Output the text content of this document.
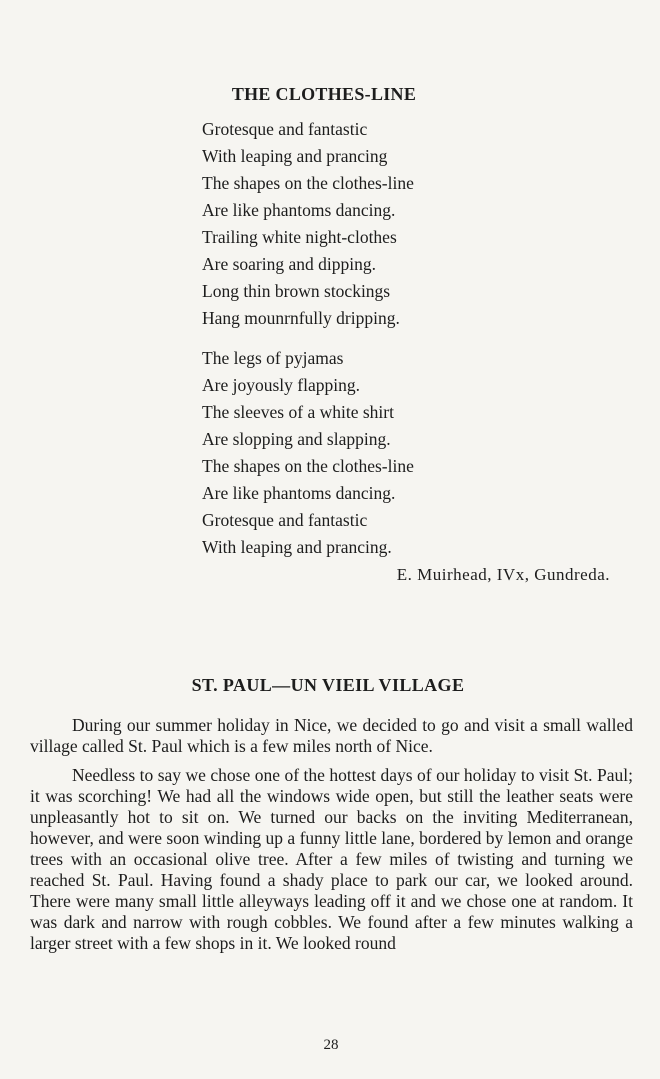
THE CLOTHES-LINE
Grotesque and fantastic
With leaping and prancing
The shapes on the clothes-line
Are like phantoms dancing.
Trailing white night-clothes
Are soaring and dipping.
Long thin brown stockings
Hang mounrnfully dripping.
The legs of pyjamas
Are joyously flapping.
The sleeves of a white shirt
Are slopping and slapping.
The shapes on the clothes-line
Are like phantoms dancing.
Grotesque and fantastic
With leaping and prancing.
E. Muirhead, IVx, Gundreda.
ST. PAUL—UN VIEIL VILLAGE

During our summer holiday in Nice, we decided to go and visit a small walled village called St. Paul which is a few miles north of Nice.

Needless to say we chose one of the hottest days of our holiday to visit St. Paul; it was scorching! We had all the windows wide open, but still the leather seats were unpleasantly hot to sit on. We turned our backs on the inviting Mediterranean, however, and were soon winding up a funny little lane, bordered by lemon and orange trees with an occasional olive tree. After a few miles of twisting and turning we reached St. Paul. Having found a shady place to park our car, we looked around. There were many small little alleyways leading off it and we chose one at random. It was dark and narrow with rough cobbles. We found after a few minutes walking a larger street with a few shops in it. We looked round

28
